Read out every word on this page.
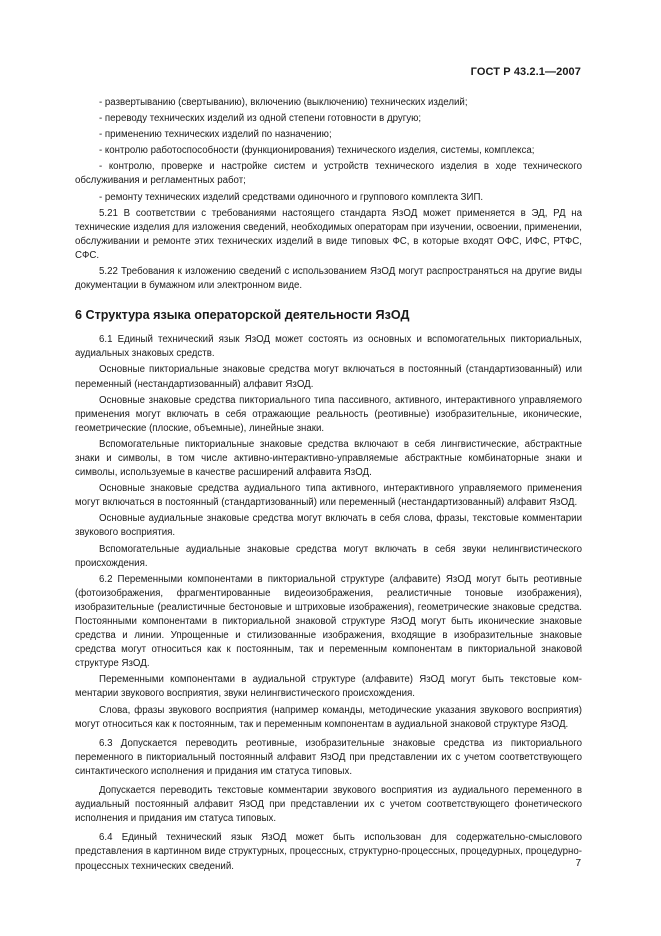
ГОСТ Р 43.2.1—2007

- развертыванию (свертыванию), включению (выключению) технических изделий;

- переводу технических изделий из одной степени готовности в другую;

- применению технических изделий по назначению;

- контролю работоспособности (функционирования) технического изделия, системы, комплекса;

- контролю, проверке и настройке систем и устройств технического изделия в ходе технического обслуживания и регламентных работ;

- ремонту технических изделий средствами одиночного и группового комплекта ЗИП.

5.21 В соответствии с требованиями настоящего стандарта ЯзОД может применяется в ЭД, РД на технические изделия для изложения сведений, необходимых операторам при изучении, освоении, применении, обслуживании и ремонте этих технических изделий в виде типовых ФС, в которые входят ОФС, ИФС, РТФС, СФС.

5.22 Требования к изложению сведений с использованием ЯзОД могут распространяться на другие виды документации в бумажном или электронном виде.

6 Структура языка операторской деятельности ЯзОД

6.1 Единый технический язык ЯзОД может состоять из основных и вспомогательных пикториальных, аудиальных знаковых средств.

Основные пиктoриальные знаковые средства могут включаться в постоянный (стандартизованный) или переменный (нестандартизованный) алфавит ЯзОД.

Основные знаковые средства пиктoриального типа пассивного, активного, интерактивного управляемого применения могут включать в себя отражающие реальность (реотивные) изобразительные, иконические, геометрические (плоские, объемные), линейные знаки.

Вспомогательные пиктoриальные знаковые средства включают в себя лингвистические, абстрактные знаки и символы, в том числе активно-интерактивно-управляемые абстрактные комбинаторные знаки и символы, используемые в качестве расширений алфавита ЯзОД.

Основные знаковые средства аудиального типа активного, интерактивного управляемого применения могут включаться в постоянный (стандартизованный) или переменный (нестандартизованный) алфавит ЯзОД.

Основные аудиальные знаковые средства могут включать в себя слова, фразы, текстовые комментарии звукового восприятия.

Вспомогательные аудиальные знаковые средства могут включать в себя звуки нелингвистического происхождения.

6.2 Переменными компонентами в пиктoриальной структуре (алфавите) ЯзОД могут быть реотивные (фотоизображения, фрагментированные видеоизображения, реалистичные тоновые изображения), изобразительные (реалистичные бестоновые и штриховые изображения), геометрические знаковые средства. Постоянными компонентами в пиктoриальной знаковой структуре ЯзОД могут быть иконические знаковые средства и линии. Упрощенные и стилизованные изображения, входящие в изобразительные знаковые средства могут относиться как к постоянным, так и переменным компонентам в пиктoриальной знаковой структуре ЯзОД.

Переменными компонентами в аудиальной структуре (алфавите) ЯзОД могут быть текстовые комментарии звукового восприятия, звуки нелингвистического происхождения.

Слова, фразы звукового восприятия (например команды, методические указания звукового восприятия) могут относиться как к постоянным, так и переменным компонентам в аудиальной знаковой структуре ЯзОД.

6.3 Допускается переводить реотивные, изобразительные знаковые средства из пиктoриального переменного в пиктoриальный постоянный алфавит ЯзОД при представлении их с учетом соответствующего синтактического исполнения и придания им статуса типовых.

Допускается переводить текстовые комментарии звукового восприятия из аудиального переменного в аудиальный постоянный алфавит ЯзОД при представлении их с учетом соответствующего фонетического исполнения и придания им статуса типовых.

6.4 Единый технический язык ЯзОД может быть использован для содержательно-смыслового представления в картинном виде структурных, процессных, структурно-процессных, процедурных, процедурно-процессных технических сведений.	7
